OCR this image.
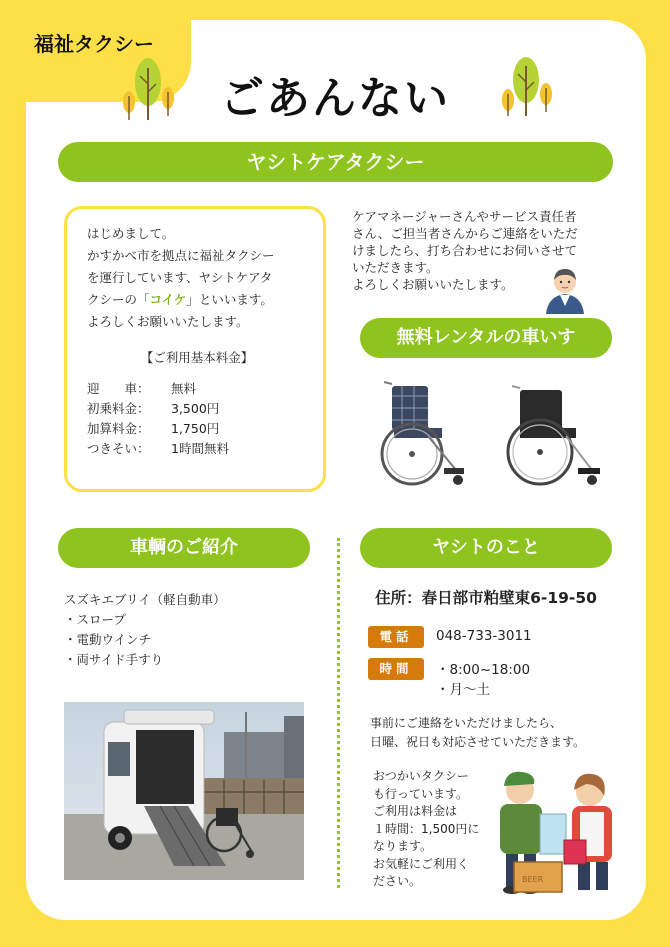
福祉タクシー
ごあんない
ヤシトケアタクシー
はじめまして。
かすかべ市を拠点に福祉タクシー
を運行しています、ヤシトケアタ
クシーの「コイケ」といいます。
よろしくお願いいたします。
【ご利用基本料金】
迎　　車：	無料
初乗料金：	3,500円
加算料金：	1,750円
つきそい：	1時間無料
ケアマネージャーさんやサービス責任者
さん、ご担当者さんからご連絡をいただ
けましたら、打ち合わせにお伺いさせて
いただきます。
よろしくお願いいたします。
無料レンタルの車いす
車輌のご紹介	ヤシトのこと
スズキエブリイ（軽自動車）
・スロープ
・電動ウインチ
・両サイド手すり
住所：春日部市粕壁東6-19-50
電話	048-733-3011
時間	・8:00~18:00
・月～土
事前にご連絡をいただけましたら、
日曜、祝日も対応させていただきます。
おつかいタクシー
も行っています。
ご利用は料金は
１時間：1,500円に
なります。
お気軽にご利用く
ださい。	BEER
